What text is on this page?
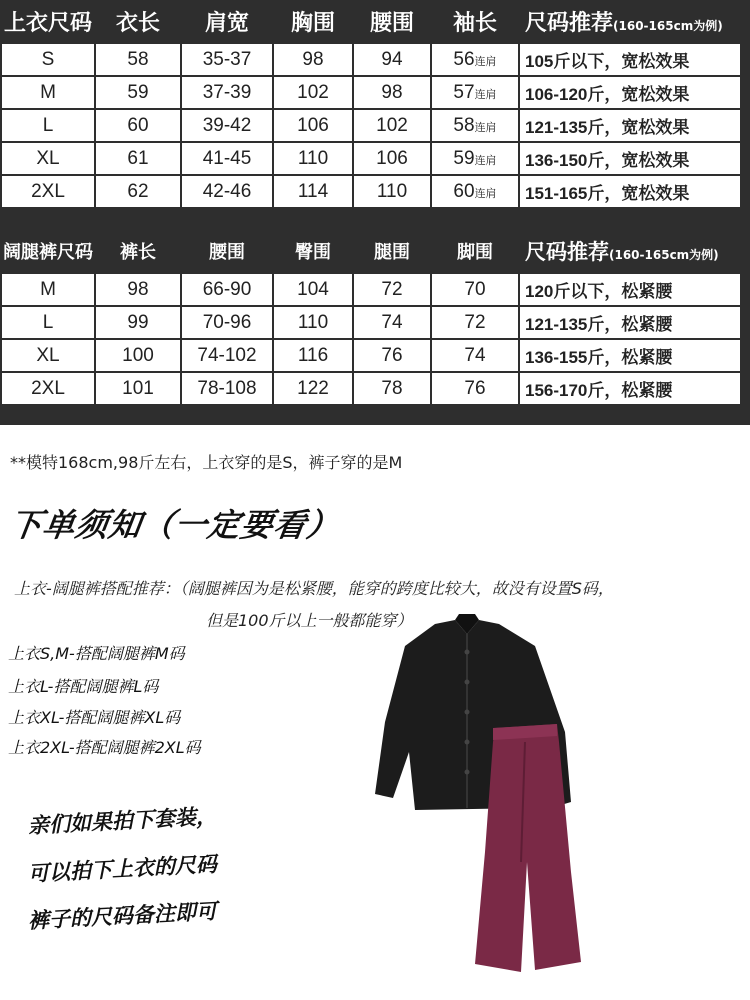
上衣尺码	衣长	肩宽	胸围	腰围	袖长	尺码推荐(160-165cm为例)
S	58	35-37	98	94	56连肩	105斤以下，宽松效果
M	59	37-39	102	98	57连肩	106-120斤，宽松效果
L	60	39-42	106	102	58连肩	121-135斤，宽松效果
XL	61	41-45	110	106	59连肩	136-150斤，宽松效果
2XL	62	42-46	114	110	60连肩	151-165斤，宽松效果
阔腿裤尺码	裤长	腰围	臀围	腿围	脚围	尺码推荐(160-165cm为例)
M	98	66-90	104	72	70	120斤以下，松紧腰
L	99	70-96	110	74	72	121-135斤，松紧腰
XL	100	74-102	116	76	74	136-155斤，松紧腰
2XL	101	78-108	122	78	76	156-170斤，松紧腰
**模特168cm,98斤左右，上衣穿的是S，裤子穿的是M
下单须知（一定要看）
上衣-阔腿裤搭配推荐：（阔腿裤因为是松紧腰，能穿的跨度比较大，故没有设置S码，
但是100斤以上一般都能穿）
上衣S,M-搭配阔腿裤M码
上衣L-搭配阔腿裤L码
上衣XL-搭配阔腿裤XL码
上衣2XL-搭配阔腿裤2XL码
亲们如果拍下套装，
可以拍下上衣的尺码
裤子的尺码备注即可
